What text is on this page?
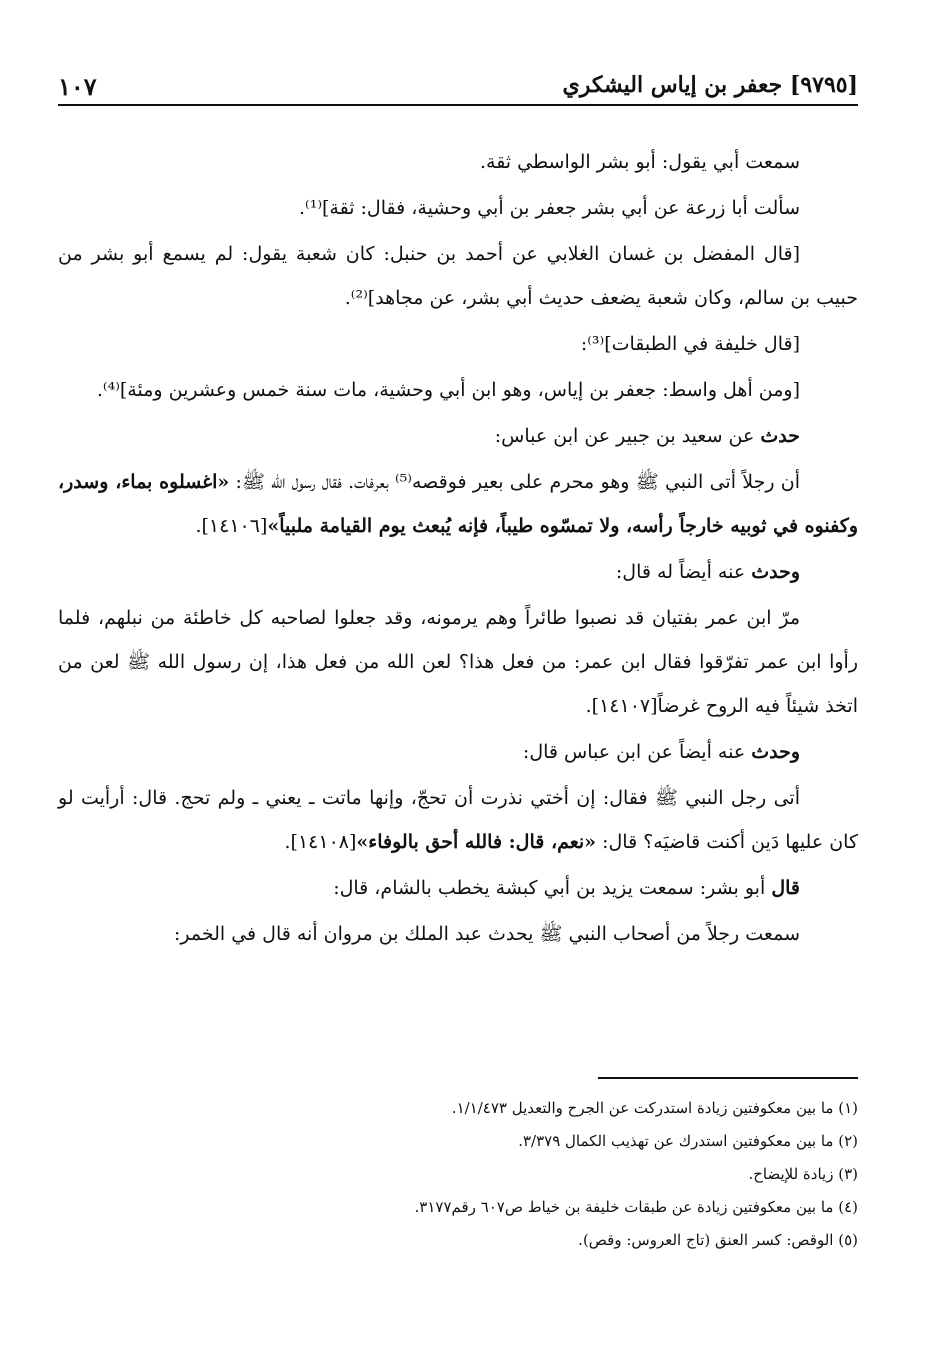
١٠٧	[٩٧٩٥] جعفر بن إياس اليشكري

سمعت أبي يقول: أبو بشر الواسطي ثقة.

سألت أبا زرعة عن أبي بشر جعفر بن أبي وحشية، فقال: ثقة]⁽¹⁾.

[قال المفضل بن غسان الغلابي عن أحمد بن حنبل: كان شعبة يقول: لم يسمع أبو بشر من حبيب بن سالم، وكان شعبة يضعف حديث أبي بشر، عن مجاهد]⁽²⁾.

[قال خليفة في الطبقات]⁽³⁾:

[ومن أهل واسط: جعفر بن إياس، وهو ابن أبي وحشية، مات سنة خمس وعشرين ومئة]⁽⁴⁾.

حدث عن سعيد بن جبير عن ابن عباس:

أن رجلاً أتى النبي ﷺ وهو محرم على بعير فوقصه⁽⁵⁾ بعرفات. فقال رسول الله ﷺ: «اغسلوه بماء، وسدر، وكفنوه في ثوبيه خارجاً رأسه، ولا تمسّوه طيباً، فإنه يُبعث يوم القيامة ملبياً»[١٤١٠٦].

وحدث عنه أيضاً له قال:

مرّ ابن عمر بفتيان قد نصبوا طائراً وهم يرمونه، وقد جعلوا لصاحبه كل خاطئة من نبلهم، فلما رأوا ابن عمر تفرّقوا فقال ابن عمر: من فعل هذا؟ لعن الله من فعل هذا، إن رسول الله ﷺ لعن من اتخذ شيئاً فيه الروح غرضاً[١٤١٠٧].

وحدث عنه أيضاً عن ابن عباس قال:

أتى رجل النبي ﷺ فقال: إن أختي نذرت أن تحجّ، وإنها ماتت ـ يعني ـ ولم تحج. قال: أرأيت لو كان عليها دَين أكنت قاضيَه؟ قال: «نعم، قال: فالله أحق بالوفاء»[١٤١٠٨].

قال أبو بشر: سمعت يزيد بن أبي كبشة يخطب بالشام، قال:

سمعت رجلاً من أصحاب النبي ﷺ يحدث عبد الملك بن مروان أنه قال في الخمر:

(١) ما بين معكوفتين زيادة استدركت عن الجرح والتعديل ١/١/٤٧٣.

(٢) ما بين معكوفتين استدرك عن تهذيب الكمال ٣/٣٧٩.

(٣) زيادة للإيضاح.

(٤) ما بين معكوفتين زيادة عن طبقات خليفة بن خياط ص٦٠٧ رقم٣١٧٧.

(٥) الوقص: كسر العنق (تاج العروس: وقص).
